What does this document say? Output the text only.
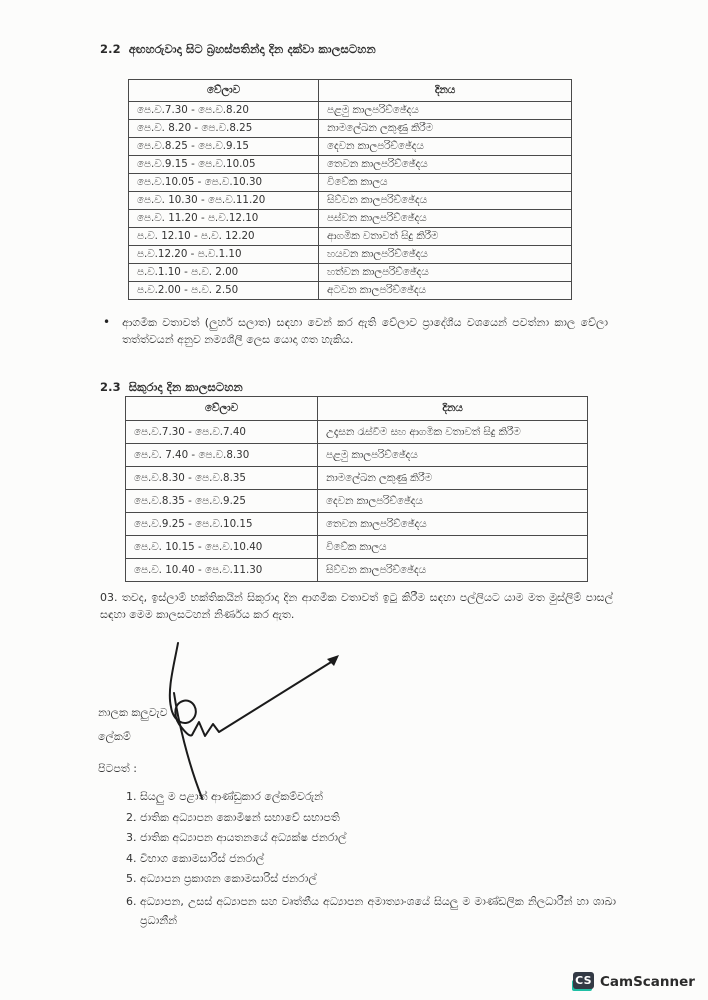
2.2 අඟහරුවාදා සිට බ්‍රහස්පතින්දා දින දක්වා කාලසටහන
වේලාව	දිනය
පෙ.ව.7.30 - පෙ.ව.8.20	පළමු කාලපරිච්ඡේදය
පෙ.ව. 8.20 - පෙ.ව.8.25	නාමලේඛන ලකුණු කිරීම
පෙ.ව.8.25 - පෙ.ව.9.15	දෙවන කාලපරිච්ඡේදය
පෙ.ව.9.15 - පෙ.ව.10.05	තෙවන කාලපරිච්ඡේදය
පෙ.ව.10.05 - පෙ.ව.10.30	විවේක කාලය
පෙ.ව. 10.30 - පෙ.ව.11.20	සිව්වන කාලපරිච්ඡේදය
පෙ.ව. 11.20 - ප.ව.12.10	පස්වන කාලපරිච්ඡේදය
ප.ව. 12.10 - ප.ව. 12.20	ආගමික වතාවත් සිදු කිරීම
ප.ව.12.20 - ප.ව.1.10	හයවන කාලපරිච්ඡේදය
ප.ව.1.10 - ප.ව. 2.00	හත්වන කාලපරිච්ඡේදය
ප.ව.2.00 - ප.ව. 2.50	අටවන කාලපරිච්ඡේදය
• ආගමික වතාවත් (ලුහර් සලාත) සඳහා වෙන් කර ඇති වේලාව ප්‍රාදේශීය වශයෙන් පවත්නා කාල වේලා තත්ත්වයන් අනුව නම්‍යශීලී ලෙස යොදා ගත හැකිය.
2.3 සිකුරාදා දින කාලසටහන
වේලාව	දිනය
පෙ.ව.7.30 - පෙ.ව.7.40	උදෑසන රැස්වීම සහ ආගමික වතාවත් සිදු කිරීම
පෙ.ව. 7.40 - පෙ.ව.8.30	පළමු කාලපරිච්ඡේදය
පෙ.ව.8.30 - පෙ.ව.8.35	නාමලේඛන ලකුණු කිරීම
පෙ.ව.8.35 - පෙ.ව.9.25	දෙවන කාලපරිච්ඡේදය
පෙ.ව.9.25 - පෙ.ව.10.15	තෙවන කාලපරිච්ඡේදය
පෙ.ව. 10.15 - පෙ.ව.10.40	විවේක කාලය
පෙ.ව. 10.40 - පෙ.ව.11.30	සිව්වන කාලපරිච්ඡේදය
03. තවද, ඉස්ලාම් භක්තිකයින් සිකුරාදා දින ආගමික වතාවත් ඉටු කිරීම සඳහා පල්ලියට යාම මත මුස්ලිම් පාසල් සඳහා මෙම කාලසටහන් නිර්ණය කර ඇත.
නාලක කලුවැව
ලේකම්
පිටපත් :
1. සියලු ම පළාත් ආණ්ඩුකාර ලේකම්වරුන්
2. ජාතික අධ්‍යාපන කොමිෂන් සභාවේ සභාපති
3. ජාතික අධ්‍යාපන ආයතනයේ අධ්‍යක්ෂ ජනරාල්
4. විභාග කොමසාරිස් ජනරාල්
5. අධ්‍යාපන ප්‍රකාශන කොමසාරිස් ජනරාල්
6. අධ්‍යාපන, උසස් අධ්‍යාපන සහ වෘත්තීය අධ්‍යාපන අමාත්‍යාංශයේ සියලු ම මාණ්ඩලික නිලධාරීන් හා ශාඛා ප්‍රධානීන්
CS CamScanner
